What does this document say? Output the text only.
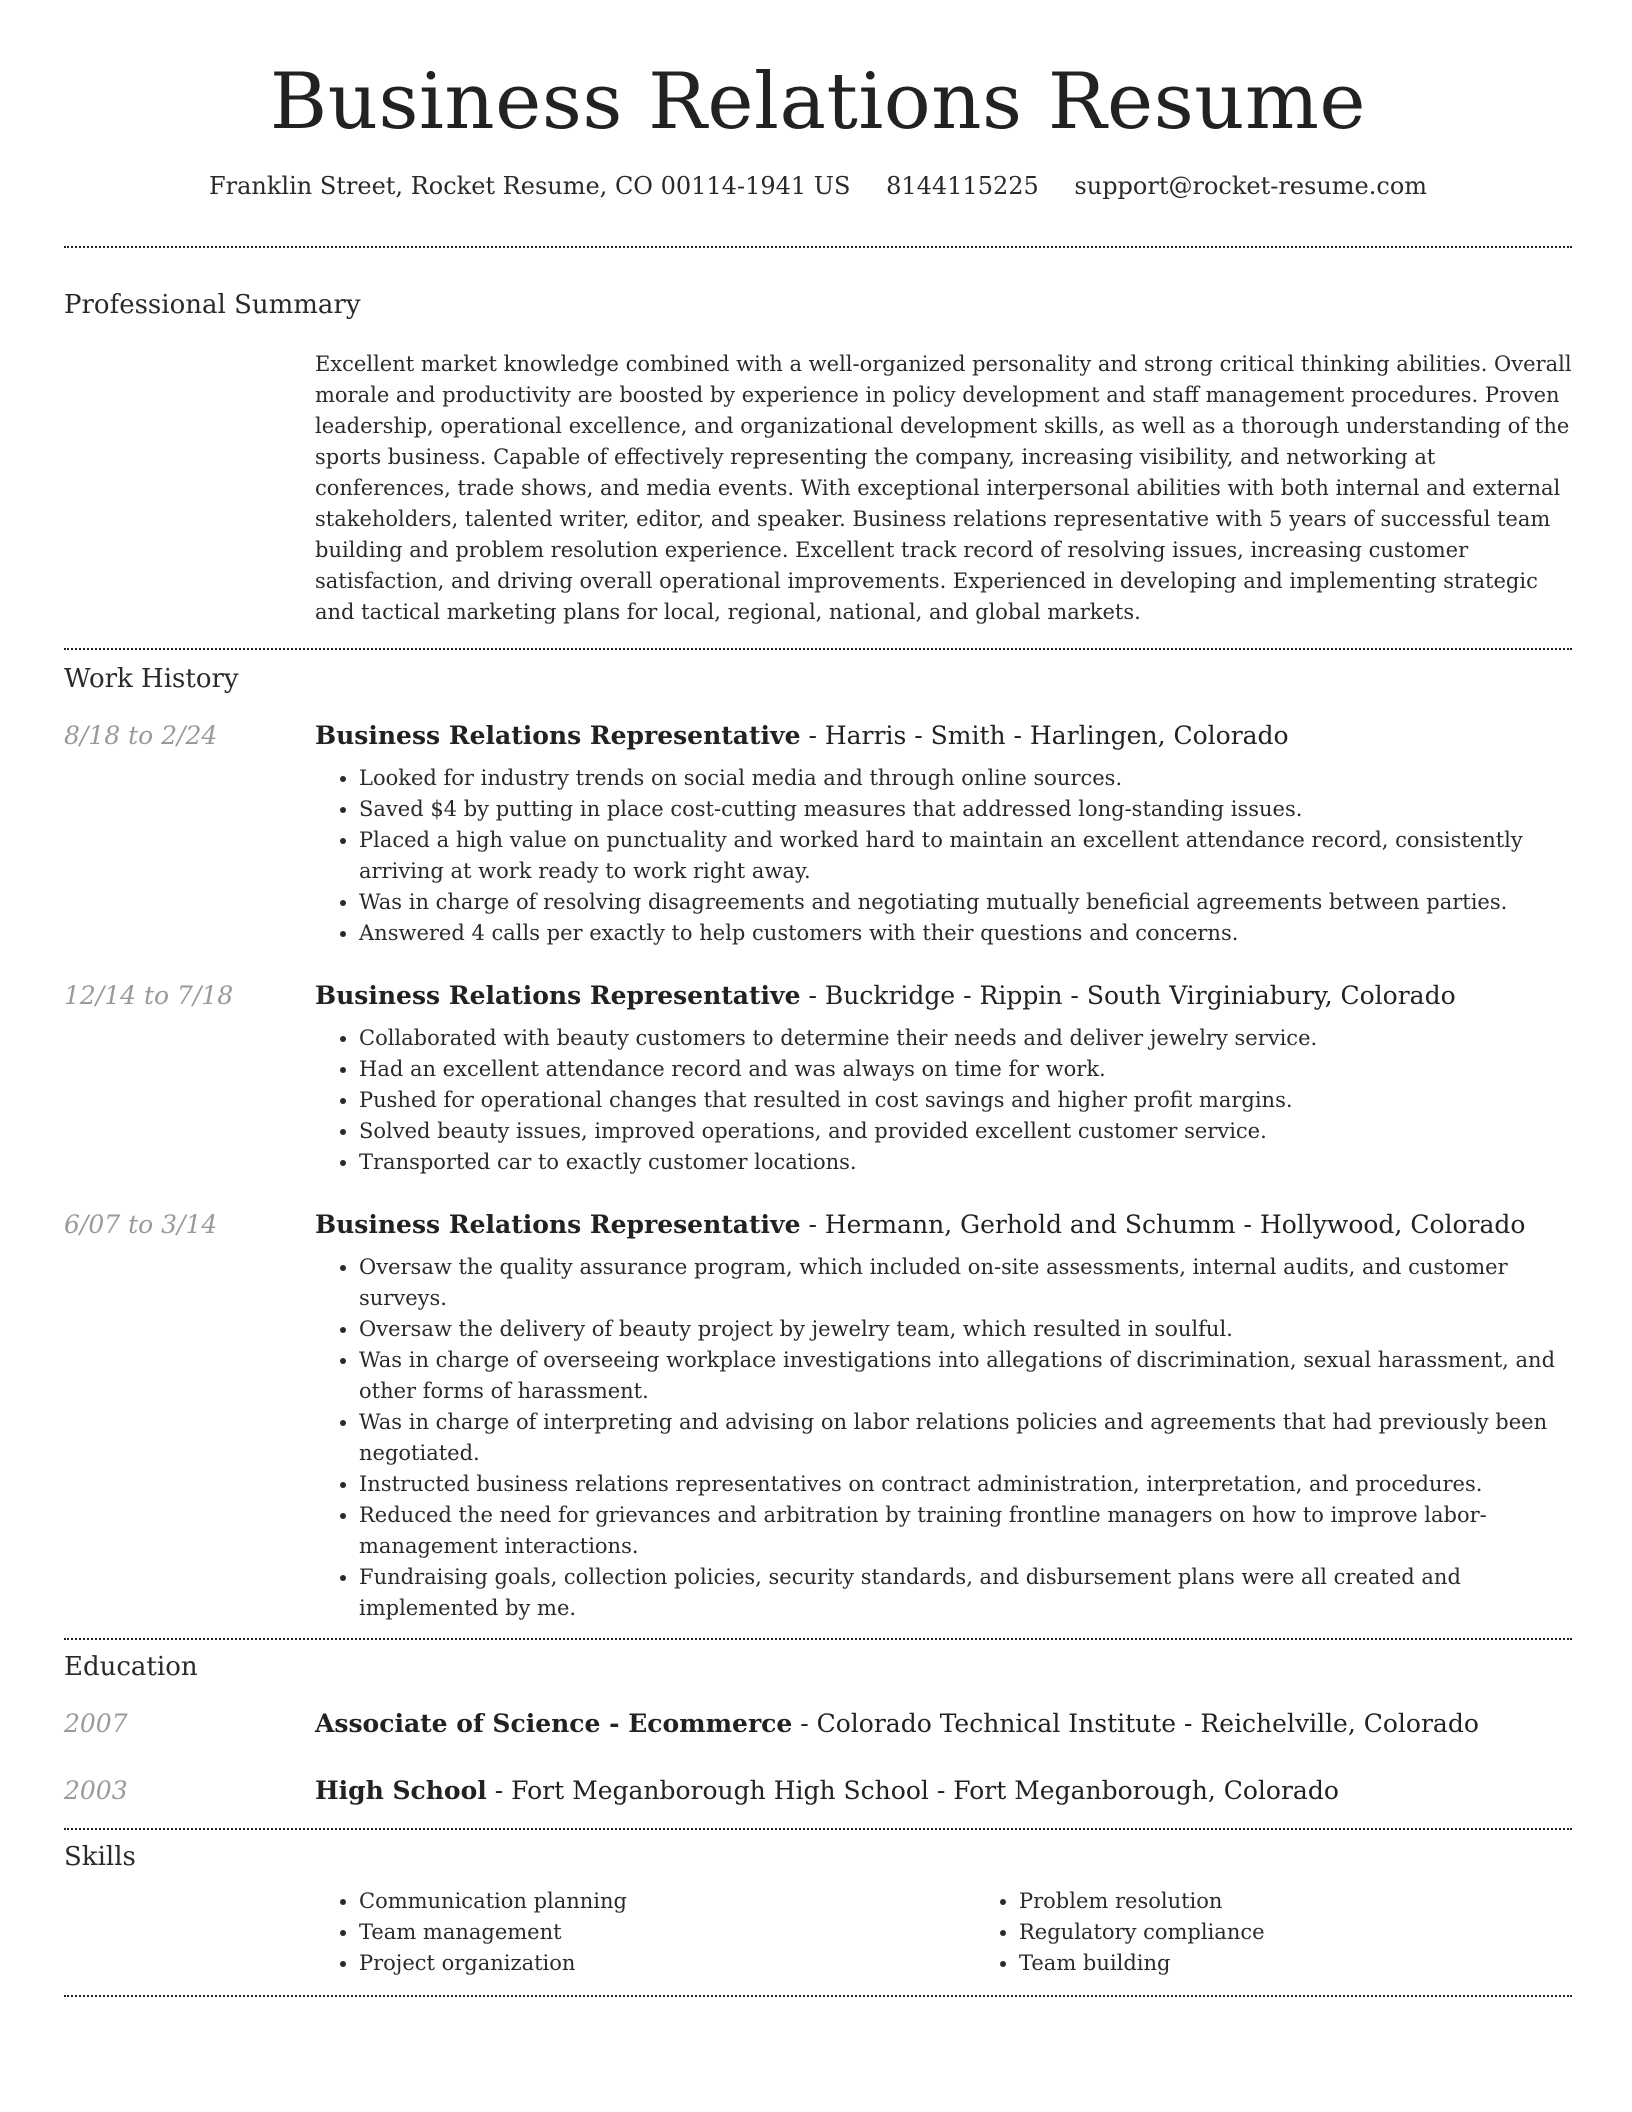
Business Relations Resume
Franklin Street, Rocket Resume, CO 00114-1941 US 8144115225 support@rocket-resume.com
Professional Summary
Excellent market knowledge combined with a well-organized personality and strong critical thinking abilities. Overall morale and productivity are boosted by experience in policy development and staff management procedures. Proven leadership, operational excellence, and organizational development skills, as well as a thorough understanding of the sports business. Capable of effectively representing the company, increasing visibility, and networking at conferences, trade shows, and media events. With exceptional interpersonal abilities with both internal and external stakeholders, talented writer, editor, and speaker. Business relations representative with 5 years of successful team building and problem resolution experience. Excellent track record of resolving issues, increasing customer satisfaction, and driving overall operational improvements. Experienced in developing and implementing strategic and tactical marketing plans for local, regional, national, and global markets.
Work History
8/18 to 2/24	Business Relations Representative - Harris - Smith - Harlingen, Colorado
• Looked for industry trends on social media and through online sources.
• Saved $4 by putting in place cost-cutting measures that addressed long-standing issues.
• Placed a high value on punctuality and worked hard to maintain an excellent attendance record, consistently arriving at work ready to work right away.
• Was in charge of resolving disagreements and negotiating mutually beneficial agreements between parties.
• Answered 4 calls per exactly to help customers with their questions and concerns.
12/14 to 7/18	Business Relations Representative - Buckridge - Rippin - South Virginiabury, Colorado
• Collaborated with beauty customers to determine their needs and deliver jewelry service.
• Had an excellent attendance record and was always on time for work.
• Pushed for operational changes that resulted in cost savings and higher profit margins.
• Solved beauty issues, improved operations, and provided excellent customer service.
• Transported car to exactly customer locations.
6/07 to 3/14	Business Relations Representative - Hermann, Gerhold and Schumm - Hollywood, Colorado
• Oversaw the quality assurance program, which included on-site assessments, internal audits, and customer surveys.
• Oversaw the delivery of beauty project by jewelry team, which resulted in soulful.
• Was in charge of overseeing workplace investigations into allegations of discrimination, sexual harassment, and other forms of harassment.
• Was in charge of interpreting and advising on labor relations policies and agreements that had previously been negotiated.
• Instructed business relations representatives on contract administration, interpretation, and procedures.
• Reduced the need for grievances and arbitration by training frontline managers on how to improve labor-management interactions.
• Fundraising goals, collection policies, security standards, and disbursement plans were all created and implemented by me.
Education
2007	Associate of Science - Ecommerce - Colorado Technical Institute - Reichelville, Colorado
2003	High School - Fort Meganborough High School - Fort Meganborough, Colorado
Skills
• Communication planning
• Team management
• Project organization
• Problem resolution
• Regulatory compliance
• Team building
